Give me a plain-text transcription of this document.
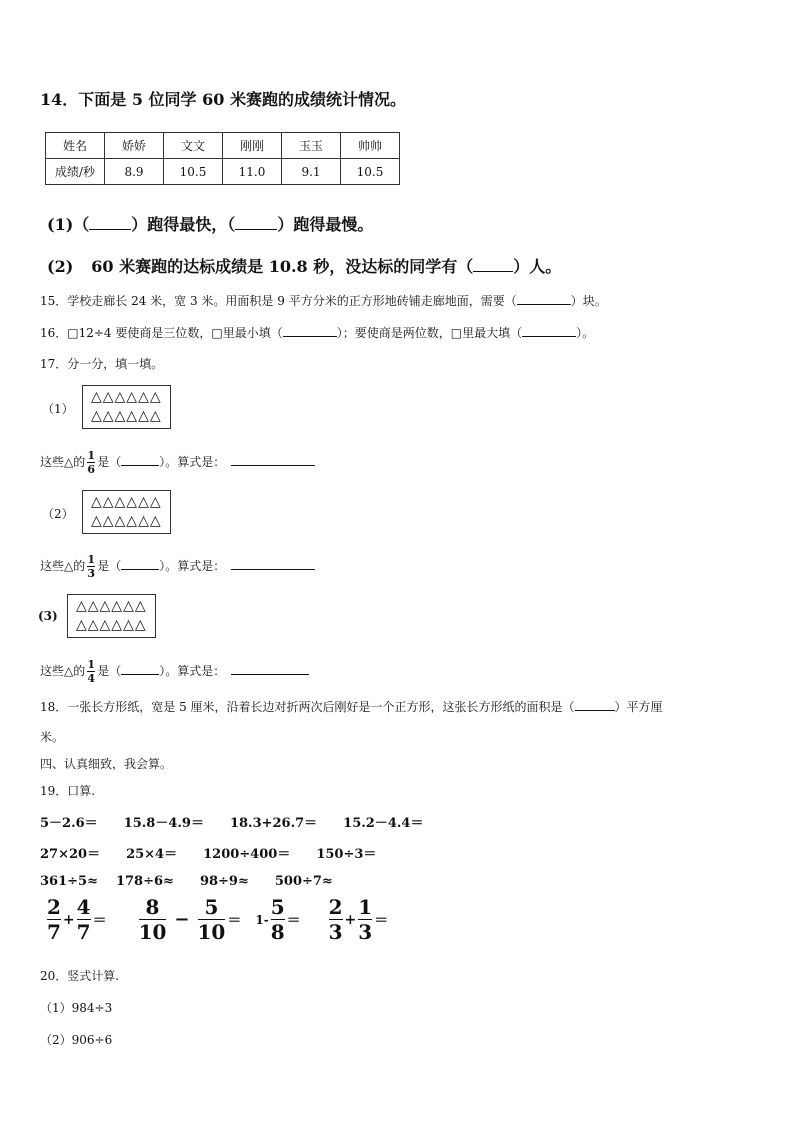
14．下面是 5 位同学 60 米赛跑的成绩统计情况。
姓名	娇娇	文文	刚刚	玉玉	帅帅
成绩/秒	8.9	10.5	11.0	9.1	10.5
(1)（	）跑得最快，（	）跑得最慢。
(2) 60 米赛跑的达标成绩是 10.8 秒，没达标的同学有（	）人。
15．学校走廊长 24 米，宽 3 米。用面积是 9 平方分米的正方形地砖铺走廊地面，需要（	）块。
16．□12÷4 要使商是三位数，□里最小填（	）；要使商是两位数，□里最大填（	）。
17．分一分，填一填。
（1）
△△△△△△
△△△△△△
这些△的 $\frac{1}{6}$ 是（	）。算式是：
（2）
△△△△△△
△△△△△△
这些△的 $\frac{1}{3}$ 是（	）。算式是：
(3)
△△△△△△
△△△△△△
这些△的 $\frac{1}{4}$ 是（	）。算式是：
18．一张长方形纸，宽是 5 厘米，沿着长边对折两次后刚好是一个正方形，这张长方形纸的面积是（	）平方厘
米。
四、认真细致，我会算。
19．口算.
5－2.6＝ 15.8－4.9＝ 18.3+26.7＝ 15.2－4.4＝
27×20＝ 25×4＝ 1200÷400＝ 150÷3＝
361÷5≈ 178÷6≈ 98÷9≈ 500÷7≈
2
7
+
4
7 ＝
8
10
−
5
10 ＝ 1-
5
8 ＝
2
3
+
1
3 ＝
20．竖式计算.
（1）984÷3
（2）906÷6
